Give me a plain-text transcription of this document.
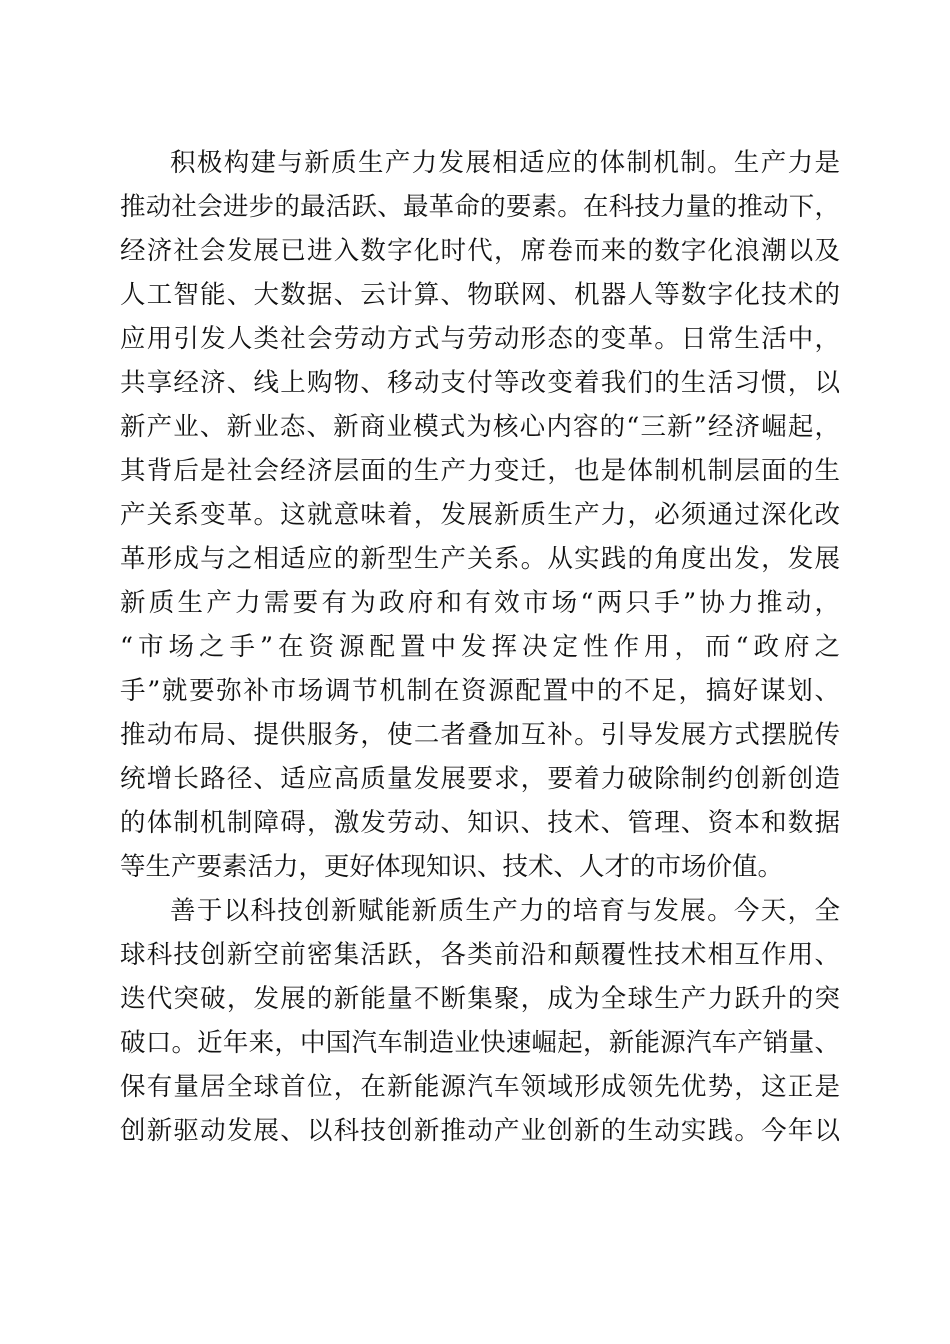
积极构建与新质生产力发展相适应的体制机制。生产力是
推动社会进步的最活跃、最革命的要素。在科技力量的推动下，
经济社会发展已进入数字化时代，席卷而来的数字化浪潮以及
人工智能、大数据、云计算、物联网、机器人等数字化技术的
应用引发人类社会劳动方式与劳动形态的变革。日常生活中，
共享经济、线上购物、移动支付等改变着我们的生活习惯，以
新产业、新业态、新商业模式为核心内容的“三新”经济崛起，
其背后是社会经济层面的生产力变迁，也是体制机制层面的生
产关系变革。这就意味着，发展新质生产力，必须通过深化改
革形成与之相适应的新型生产关系。从实践的角度出发，发展
新质生产力需要有为政府和有效市场“两只手”协力推动，
“市场之手”在资源配置中发挥决定性作用，而“政府之
手”就要弥补市场调节机制在资源配置中的不足，搞好谋划、
推动布局、提供服务，使二者叠加互补。引导发展方式摆脱传
统增长路径、适应高质量发展要求，要着力破除制约创新创造
的体制机制障碍，激发劳动、知识、技术、管理、资本和数据
等生产要素活力，更好体现知识、技术、人才的市场价值。
善于以科技创新赋能新质生产力的培育与发展。今天，全
球科技创新空前密集活跃，各类前沿和颠覆性技术相互作用、
迭代突破，发展的新能量不断集聚，成为全球生产力跃升的突
破口。近年来，中国汽车制造业快速崛起，新能源汽车产销量、
保有量居全球首位，在新能源汽车领域形成领先优势，这正是
创新驱动发展、以科技创新推动产业创新的生动实践。今年以
